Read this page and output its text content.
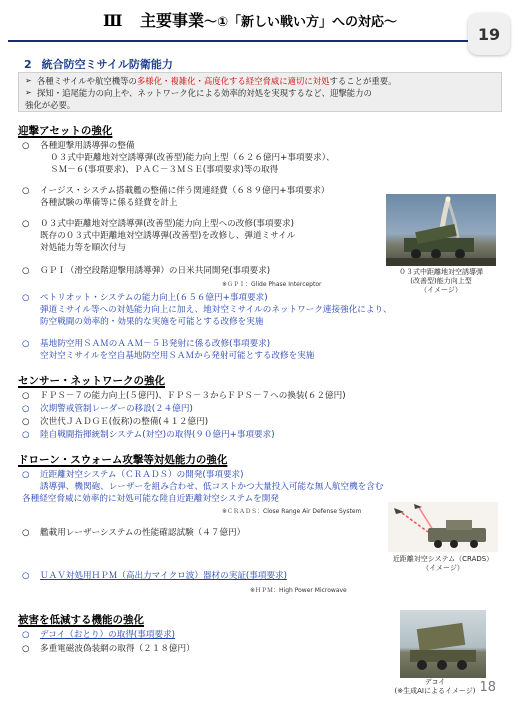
Ⅲ 主要事業～①「新しい戦い方」への対応～
19
2 統合防空ミサイル防衛能力
➢ 各種ミサイルや航空機等の多様化・複雑化・高度化する経空脅威に適切に対処することが重要。
➢ 探知・追尾能力の向上や、ネットワーク化による効率的対処を実現するなど、迎撃能力の
強化が必要。
迎撃アセットの強化
○ 各種迎撃用誘導弾の整備
０３式中距離地対空誘導弾(改善型)能力向上型（６２６億円+事項要求）、
ＳＭ－６(事項要求)、ＰＡＣ－３ＭＳＥ(事項要求)等の取得
○ イージス・システム搭載艦の整備に伴う関連経費（６８９億円+事項要求）
各種試験の準備等に係る経費を計上
○ ０３式中距離地対空誘導弾(改善型)能力向上型への改修(事項要求)
既存の０３式中距離地対空誘導弾(改善型)を改修し、弾道ミサイル
対処能力等を順次付与
○ ＧＰＩ（滑空段階迎撃用誘導弾）の日米共同開発(事項要求)
※ＧＰＩ：Glide Phase Interceptor
○ ペトリオット・システムの能力向上(６５６億円+事項要求)
弾道ミサイル等への対処能力向上に加え、地対空ミサイルのネットワーク連接強化により、
防空戦闘の効率的・効果的な実施を可能とする改修を実施
○ 基地防空用ＳＡＭのＡＡＭ－５Ｂ発射に係る改修(事項要求)
空対空ミサイルを空自基地防空用ＳＡＭから発射可能とする改修を実施
０３式中距離地対空誘導弾
(改善型)能力向上型
（イメージ）
センサー・ネットワークの強化
○ ＦＰＳ－７の能力向上(５億円)、ＦＰＳ－３からＦＰＳ－７への換装(６２億円)
○ 次期警戒管制レーダーの移設(２４億円)
○ 次世代ＪＡＤＧＥ(仮称)の整備(４１２億円)
○ 陸自戦闘指揮統制システム(対空)の取得(９０億円+事項要求)
ドローン・スウォーム攻撃等対処能力の強化
○ 近距離対空システム（ＣＲＡＤＳ）の開発(事項要求)
誘導弾、機関砲、レーザーを組み合わせ、低コストかつ大量投入可能な無人航空機を含む
各種経空脅威に効率的に対処可能な陸自近距離対空システムを開発
※ＣＲＡＤＳ：Close Range Air Defense System
○ 艦載用レーザーシステムの性能確認試験（４７億円）
○ ＵＡＶ対処用ＨＰＭ（高出力マイクロ波）器材の実証(事項要求)
※ＨＰＭ：High Power Microwave
近距離対空システム（CRADS）
（イメージ）
被害を低減する機能の強化
○ デコイ（おとり）の取得(事項要求)
○ 多重電磁波偽装網の取得（２１８億円）
デコイ
(※生成AIによるイメージ) 18
